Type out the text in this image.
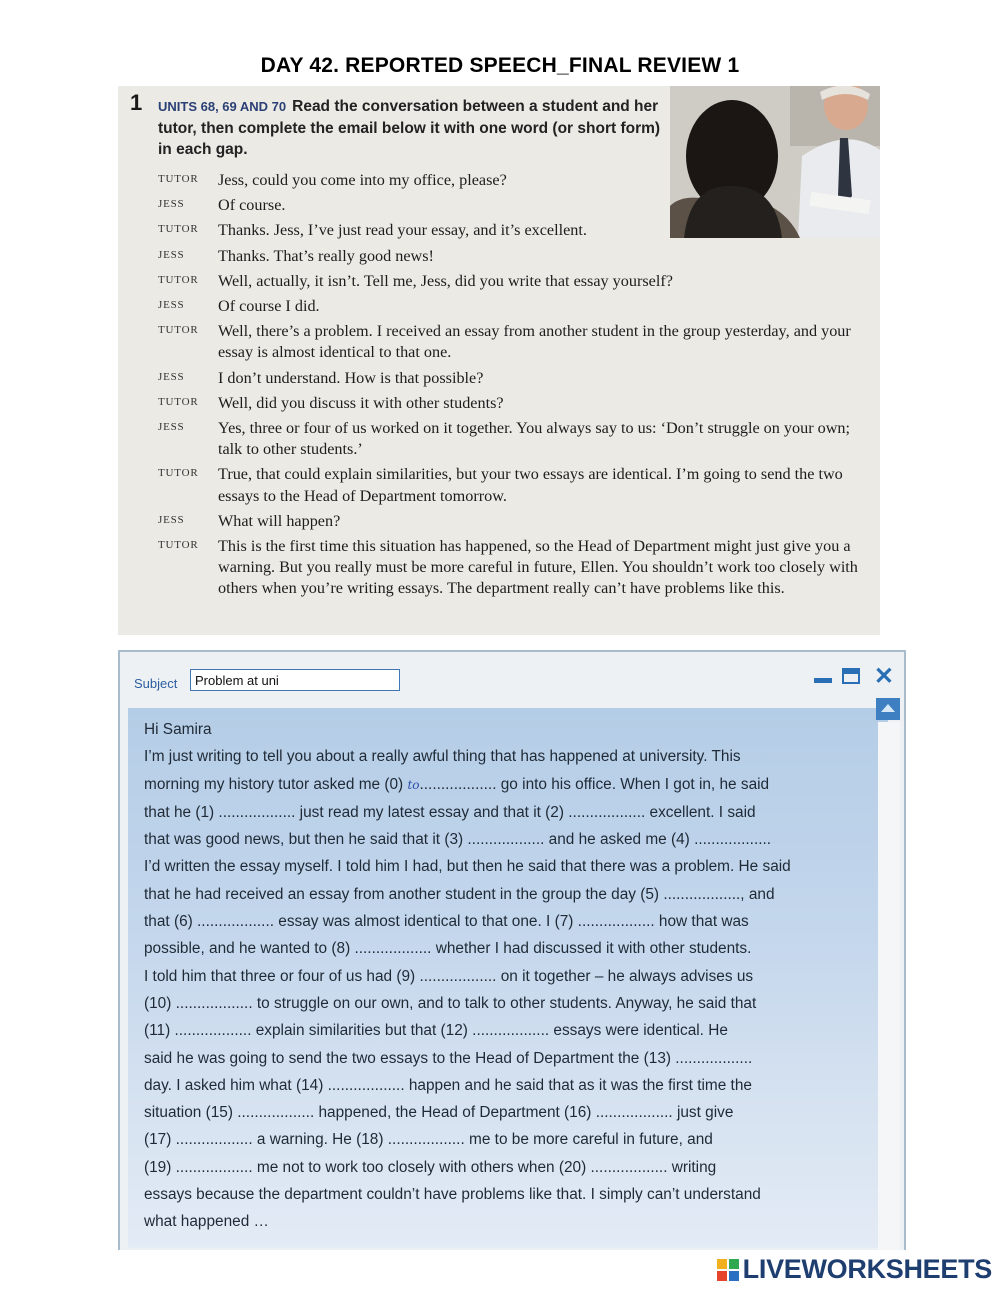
DAY 42. REPORTED SPEECH_FINAL REVIEW 1
1 UNITS 68, 69 AND 70 Read the conversation between a student and her tutor, then complete the email below it with one word (or short form) in each gap.
TUTOR	Jess, could you come into my office, please?
JESS	Of course.
TUTOR	Thanks. Jess, I’ve just read your essay, and it’s excellent.
JESS	Thanks. That’s really good news!
TUTOR	Well, actually, it isn’t. Tell me, Jess, did you write that essay yourself?
JESS	Of course I did.
TUTOR	Well, there’s a problem. I received an essay from another student in the group yesterday, and your essay is almost identical to that one.
JESS	I don’t understand. How is that possible?
TUTOR	Well, did you discuss it with other students?
JESS	Yes, three or four of us worked on it together. You always say to us: ‘Don’t struggle on your own; talk to other students.’
TUTOR	True, that could explain similarities, but your two essays are identical. I’m going to send the two essays to the Head of Department tomorrow.
JESS	What will happen?
TUTOR	This is the first time this situation has happened, so the Head of Department might just give you a warning. But you really must be more careful in future, Ellen. You shouldn’t work too closely with others when you’re writing essays. The department really can’t have problems like this.
Subject	Problem at uni	✕

Hi Samira

I’m just writing to tell you about a really awful thing that has happened at university. This

morning my history tutor asked me (0) to.................. go into his office. When I got in, he said

that he (1) .................. just read my latest essay and that it (2) .................. excellent. I said

that was good news, but then he said that it (3) .................. and he asked me (4) ..................

I’d written the essay myself. I told him I had, but then he said that there was a problem. He said

that he had received an essay from another student in the group the day (5) .................., and

that (6) .................. essay was almost identical to that one. I (7) .................. how that was

possible, and he wanted to (8) .................. whether I had discussed it with other students.

I told him that three or four of us had (9) .................. on it together – he always advises us

(10) .................. to struggle on our own, and to talk to other students. Anyway, he said that

(11) .................. explain similarities but that (12) .................. essays were identical. He

said he was going to send the two essays to the Head of Department the (13) ..................

day. I asked him what (14) .................. happen and he said that as it was the first time the

situation (15) .................. happened, the Head of Department (16) .................. just give

(17) .................. a warning. He (18) .................. me to be more careful in future, and

(19) .................. me not to work too closely with others when (20) .................. writing

essays because the department couldn’t have problems like that. I simply can’t understand

what happened …

LIVEWORKSHEETS
